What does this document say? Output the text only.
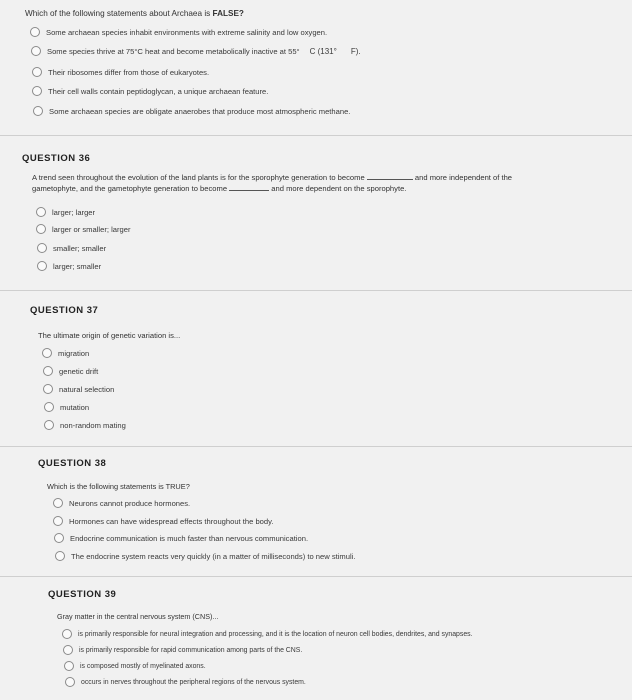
Which of the following statements about Archaea is FALSE?
Some archaean species inhabit environments with extreme salinity and low oxygen.
Some species thrive at 75°C heat and become metabolically inactive at 55° C (131° F).
Their ribosomes differ from those of eukaryotes.
Their cell walls contain peptidoglycan, a unique archaean feature.
Some archaean species are obligate anaerobes that produce most atmospheric methane.
QUESTION 36
A trend seen throughout the evolution of the land plants is for the sporophyte generation to become	and more independent of the
gametophyte, and the gametophyte generation to become	and more dependent on the sporophyte.
larger; larger
larger or smaller; larger
smaller; smaller
larger; smaller
QUESTION 37
The ultimate origin of genetic variation is...
migration
genetic drift
natural selection
mutation
non-random mating
QUESTION 38
Which is the following statements is TRUE?
Neurons cannot produce hormones.
Hormones can have widespread effects throughout the body.
Endocrine communication is much faster than nervous communication.
The endocrine system reacts very quickly (in a matter of milliseconds) to new stimuli.
QUESTION 39
Gray matter in the central nervous system (CNS)...
is primarily responsible for neural integration and processing, and it is the location of neuron cell bodies, dendrites, and synapses.
is primarily responsible for rapid communication among parts of the CNS.
is composed mostly of myelinated axons.
occurs in nerves throughout the peripheral regions of the nervous system.
